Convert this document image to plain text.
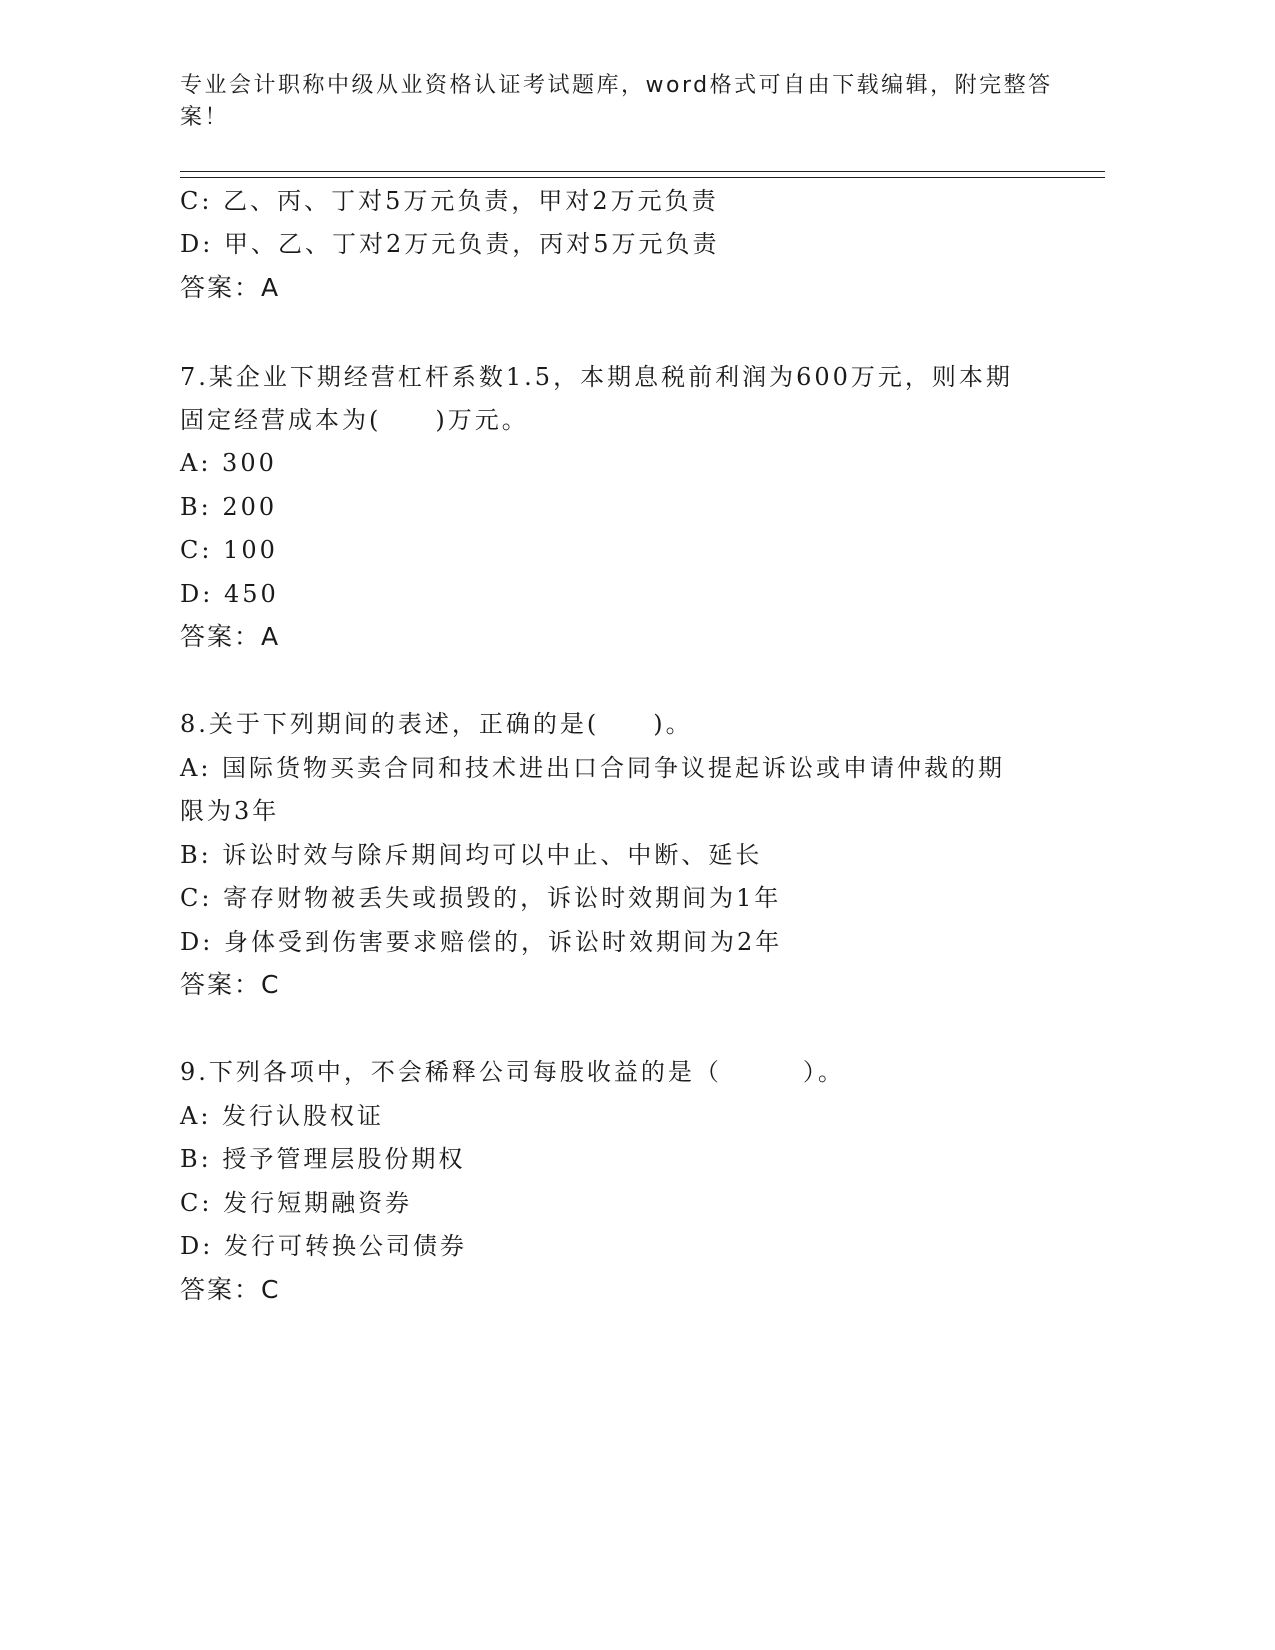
专业会计职称中级从业资格认证考试题库，word格式可自由下载编辑，附完整答案！
C: 乙、丙、丁对5万元负责，甲对2万元负责
D: 甲、乙、丁对2万元负责，丙对5万元负责
答案：A
7.某企业下期经营杠杆系数1.5，本期息税前利润为600万元，则本期
固定经营成本为(　　)万元。
A: 300
B: 200
C: 100
D: 450
答案：A
8.关于下列期间的表述，正确的是(　　)。
A: 国际货物买卖合同和技术进出口合同争议提起诉讼或申请仲裁的期
限为3年
B: 诉讼时效与除斥期间均可以中止、中断、延长
C: 寄存财物被丢失或损毁的，诉讼时效期间为1年
D: 身体受到伤害要求赔偿的，诉讼时效期间为2年
答案：C
9.下列各项中，不会稀释公司每股收益的是（　　　）。
A: 发行认股权证
B: 授予管理层股份期权
C: 发行短期融资券
D: 发行可转换公司债券
答案：C
